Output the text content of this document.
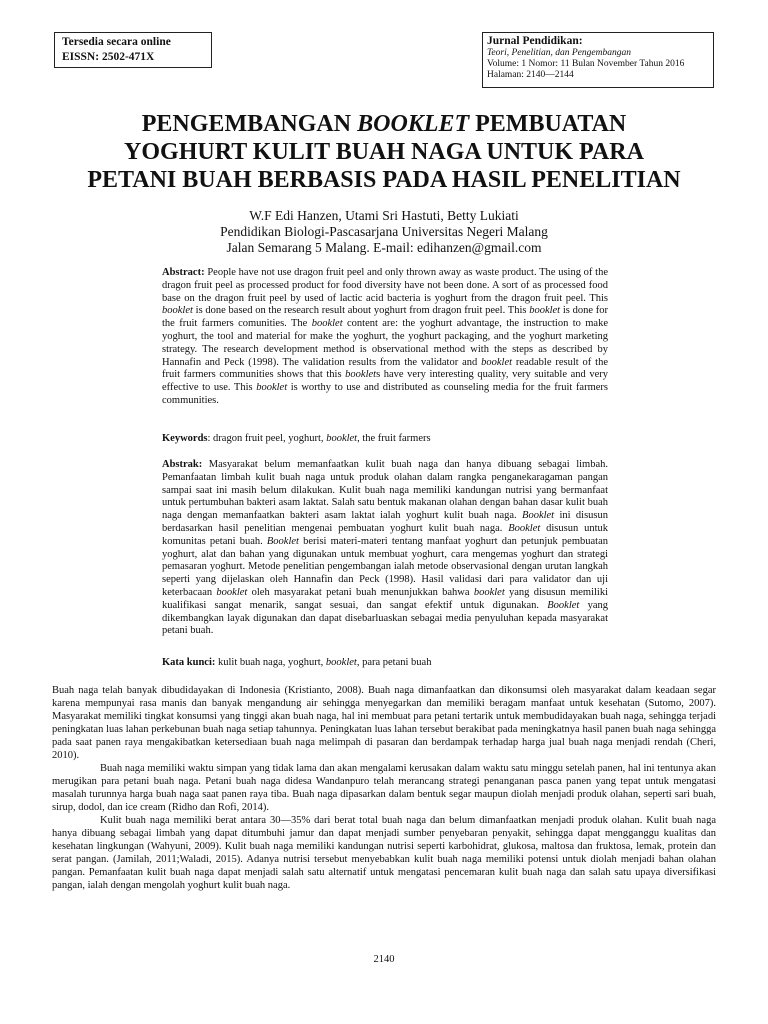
Tersedia secara online

EISSN: 2502-471X

Jurnal Pendidikan:

Teori, Penelitian, dan Pengembangan

Volume: 1 Nomor: 11 Bulan November Tahun 2016

Halaman: 2140—2144

PENGEMBANGAN BOOKLET PEMBUATAN
YOGHURT KULIT BUAH NAGA UNTUK PARA
PETANI BUAH BERBASIS PADA HASIL PENELITIAN
W.F Edi Hanzen, Utami Sri Hastuti, Betty Lukiati
Pendidikan Biologi-Pascasarjana Universitas Negeri Malang
Jalan Semarang 5 Malang. E-mail: edihanzen@gmail.com
Abstract: People have not use dragon fruit peel and only thrown away as waste product. The using of the dragon fruit peel as processed product for food diversity have not been done. A sort of as processed food base on the dragon fruit peel by used of lactic acid bacteria is yoghurt from the dragon fruit peel. This booklet is done based on the research result about yoghurt from dragon fruit peel. This booklet is done for the fruit farmers comunities. The booklet content are: the yoghurt advantage, the instruction to make yoghurt, the tool and material for make the yoghurt, the yoghurt packaging, and the yoghurt marketing strategy. The research development method is observational method with the steps as described by Hannafin and Peck (1998). The validation results from the validator and booklet readable result of the fruit farmers communities shows that this booklets have very interesting quality, very suitable and very effective to use. This booklet is worthy to use and distributed as counseling media for the fruit farmers communities.
Keywords: dragon fruit peel, yoghurt, booklet, the fruit farmers
Abstrak: Masyarakat belum memanfaatkan kulit buah naga dan hanya dibuang sebagai limbah. Pemanfaatan limbah kulit buah naga untuk produk olahan dalam rangka penganekaragaman pangan sampai saat ini masih belum dilakukan. Kulit buah naga memiliki kandungan nutrisi yang bermanfaat untuk pertumbuhan bakteri asam laktat. Salah satu bentuk makanan olahan dengan bahan dasar kulit buah naga dengan memanfaatkan bakteri asam laktat ialah yoghurt kulit buah naga. Booklet ini disusun berdasarkan hasil penelitian mengenai pembuatan yoghurt kulit buah naga. Booklet disusun untuk komunitas petani buah. Booklet berisi materi-materi tentang manfaat yoghurt dan petunjuk pembuatan yoghurt, alat dan bahan yang digunakan untuk membuat yoghurt, cara mengemas yoghurt dan strategi pemasaran yoghurt. Metode penelitian pengembangan ialah metode observasional dengan urutan langkah seperti yang dijelaskan oleh Hannafin dan Peck (1998). Hasil validasi dari para validator dan uji keterbacaan booklet oleh masyarakat petani buah menunjukkan bahwa booklet yang disusun memiliki kualifikasi sangat menarik, sangat sesuai, dan sangat efektif untuk digunakan. Booklet yang dikembangkan layak digunakan dan dapat disebarluaskan sebagai media penyuluhan kepada masyarakat petani buah.
Kata kunci: kulit buah naga, yoghurt, booklet, para petani buah

Buah naga telah banyak dibudidayakan di Indonesia (Kristianto, 2008). Buah naga dimanfaatkan dan dikonsumsi oleh masyarakat dalam keadaan segar karena mempunyai rasa manis dan banyak mengandung air sehingga menyegarkan dan memiliki beragam manfaat untuk kesehatan (Sutomo, 2007). Masyarakat memiliki tingkat konsumsi yang tinggi akan buah naga, hal ini membuat para petani tertarik untuk membudidayakan buah naga, sehingga terjadi peningkatan luas lahan perkebunan buah naga setiap tahunnya. Peningkatan luas lahan tersebut berakibat pada meningkatnya hasil panen buah naga sehingga pada saat panen raya mengakibatkan ketersediaan buah naga melimpah di pasaran dan berdampak terhadap harga jual buah naga menjadi rendah (Cheri, 2010).

Buah naga memiliki waktu simpan yang tidak lama dan akan mengalami kerusakan dalam waktu satu minggu setelah panen, hal ini tentunya akan merugikan para petani buah naga. Petani buah naga didesa Wandanpuro telah merancang strategi penanganan pasca panen yang tepat untuk mengatasi masalah turunnya harga buah naga saat panen raya tiba. Buah naga dipasarkan dalam bentuk segar maupun diolah menjadi produk olahan, seperti sari buah, sirup, dodol, dan ice cream (Ridho dan Rofi, 2014).

Kulit buah naga memiliki berat antara 30—35% dari berat total buah naga dan belum dimanfaatkan menjadi produk olahan. Kulit buah naga hanya dibuang sebagai limbah yang dapat ditumbuhi jamur dan dapat menjadi sumber penyebaran penyakit, sehingga dapat mengganggu kualitas dan kesehatan lingkungan (Wahyuni, 2009). Kulit buah naga memiliki kandungan nutrisi seperti karbohidrat, glukosa, maltosa dan fruktosa, lemak, protein dan serat pangan. (Jamilah, 2011;Waladi, 2015). Adanya nutrisi tersebut menyebabkan kulit buah naga memiliki potensi untuk diolah menjadi bahan olahan pangan. Pemanfaatan kulit buah naga dapat menjadi salah satu alternatif untuk mengatasi pencemaran kulit buah naga dan salah satu upaya diversifikasi pangan, ialah dengan mengolah yoghurt kulit buah naga.

2140
